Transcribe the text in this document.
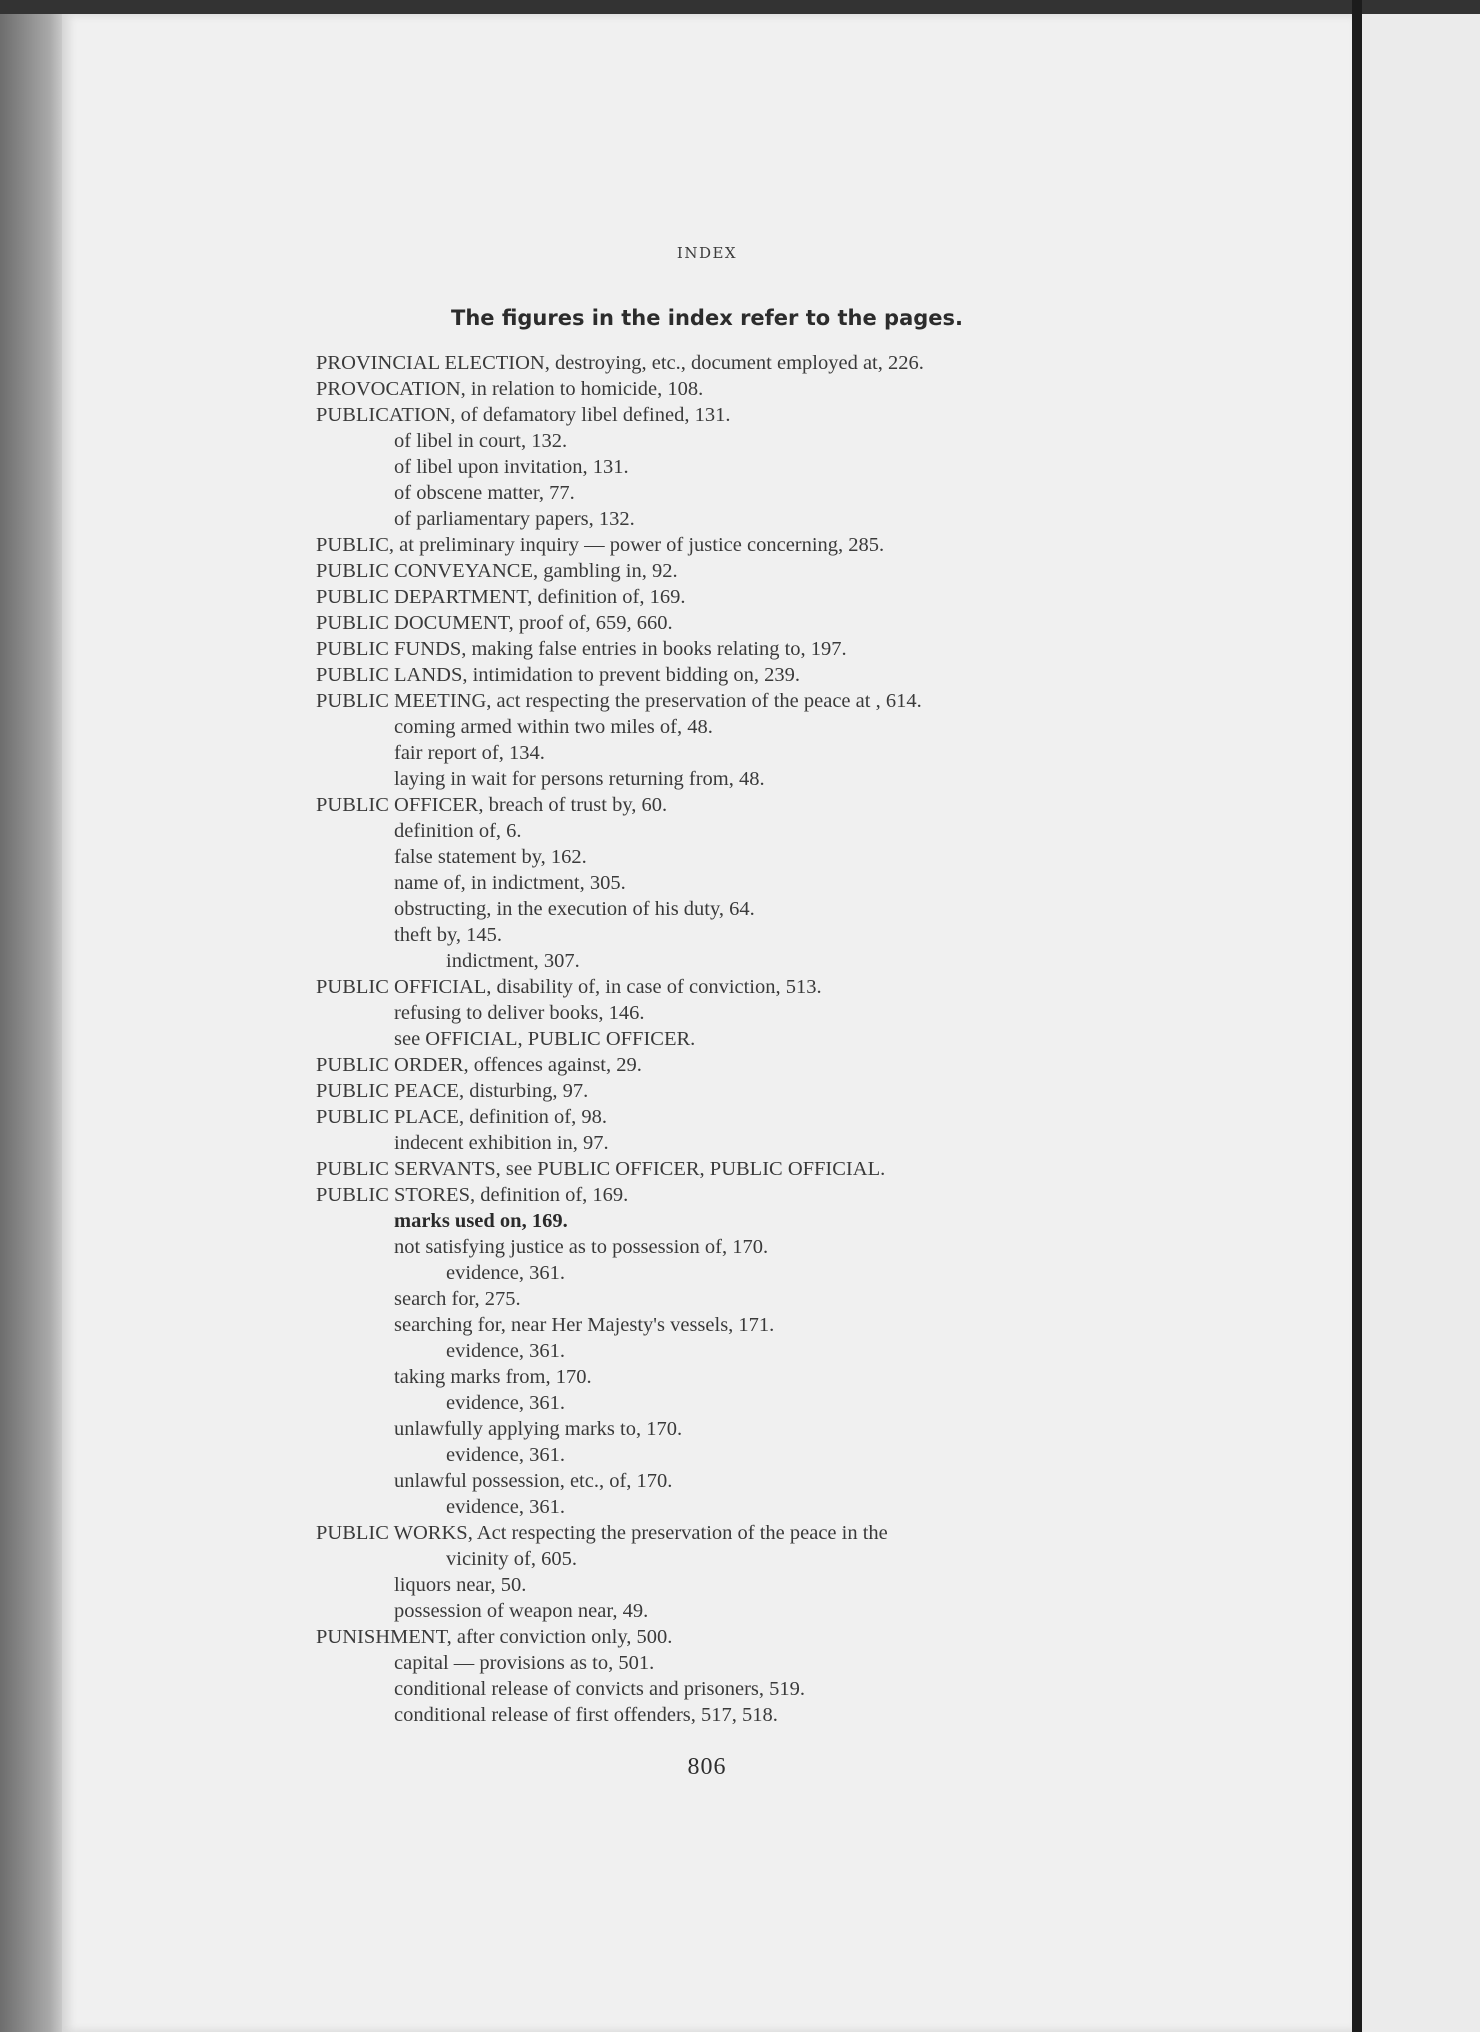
INDEX
The figures in the index refer to the pages.
PROVINCIAL ELECTION, destroying, etc., document employed at, 226.
PROVOCATION, in relation to homicide, 108.
PUBLICATION, of defamatory libel defined, 131.
of libel in court, 132.
of libel upon invitation, 131.
of obscene matter, 77.
of parliamentary papers, 132.
PUBLIC, at preliminary inquiry — power of justice concerning, 285.
PUBLIC CONVEYANCE, gambling in, 92.
PUBLIC DEPARTMENT, definition of, 169.
PUBLIC DOCUMENT, proof of, 659, 660.
PUBLIC FUNDS, making false entries in books relating to, 197.
PUBLIC LANDS, intimidation to prevent bidding on, 239.
PUBLIC MEETING, act respecting the preservation of the peace at , 614.
coming armed within two miles of, 48.
fair report of, 134.
laying in wait for persons returning from, 48.
PUBLIC OFFICER, breach of trust by, 60.
definition of, 6.
false statement by, 162.
name of, in indictment, 305.
obstructing, in the execution of his duty, 64.
theft by, 145.
indictment, 307.
PUBLIC OFFICIAL, disability of, in case of conviction, 513.
refusing to deliver books, 146.
see OFFICIAL, PUBLIC OFFICER.
PUBLIC ORDER, offences against, 29.
PUBLIC PEACE, disturbing, 97.
PUBLIC PLACE, definition of, 98.
indecent exhibition in, 97.
PUBLIC SERVANTS, see PUBLIC OFFICER, PUBLIC OFFICIAL.
PUBLIC STORES, definition of, 169.
marks used on, 169.
not satisfying justice as to possession of, 170.
evidence, 361.
search for, 275.
searching for, near Her Majesty's vessels, 171.
evidence, 361.
taking marks from, 170.
evidence, 361.
unlawfully applying marks to, 170.
evidence, 361.
unlawful possession, etc., of, 170.
evidence, 361.
PUBLIC WORKS, Act respecting the preservation of the peace in the
vicinity of, 605.
liquors near, 50.
possession of weapon near, 49.
PUNISHMENT, after conviction only, 500.
capital — provisions as to, 501.
conditional release of convicts and prisoners, 519.
conditional release of first offenders, 517, 518.
806
